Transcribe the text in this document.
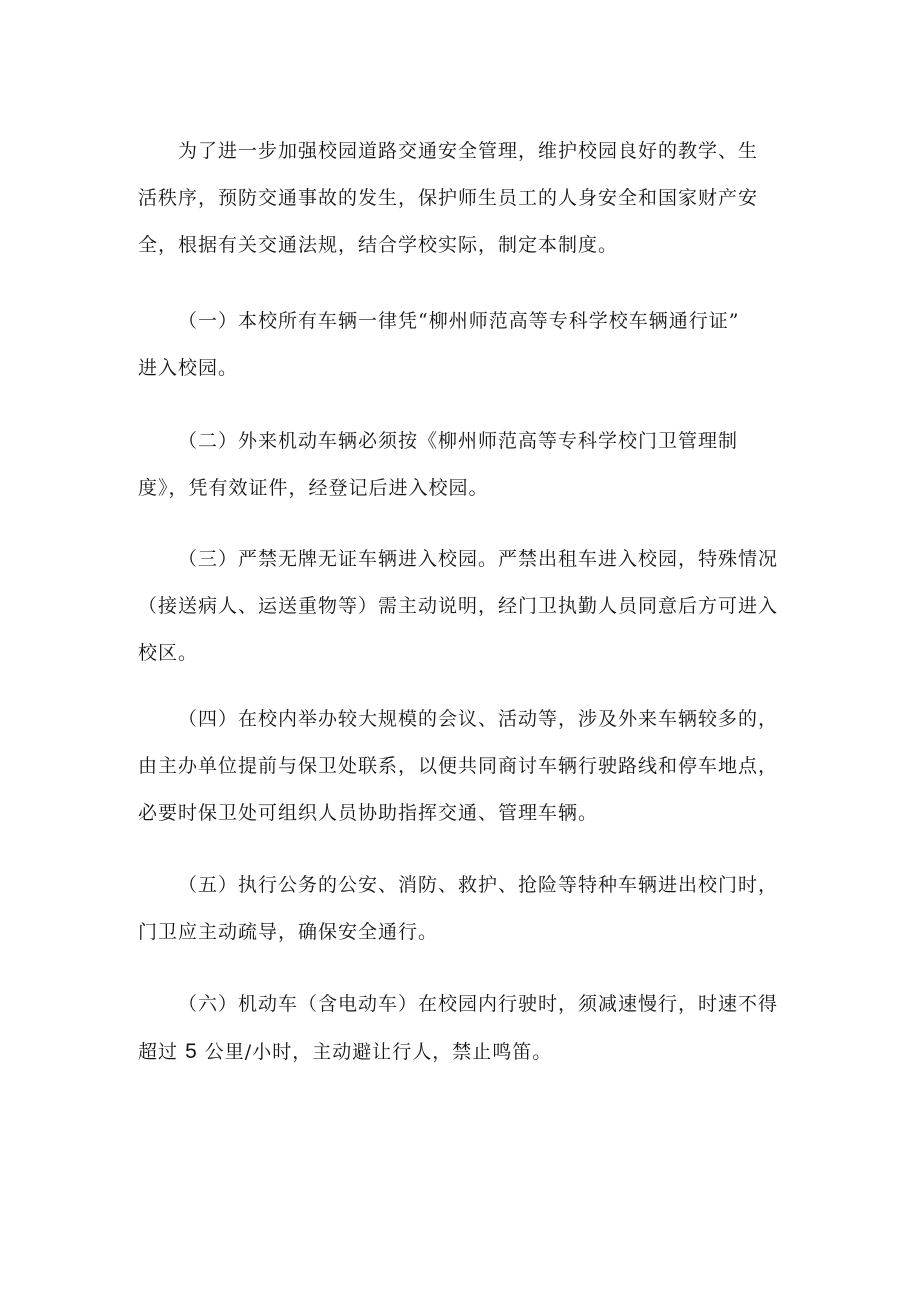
为了进一步加强校园道路交通安全管理，维护校园良好的教学、生
活秩序，预防交通事故的发生，保护师生员工的人身安全和国家财产安
全，根据有关交通法规，结合学校实际，制定本制度。
（一）本校所有车辆一律凭“柳州师范高等专科学校车辆通行证”
进入校园。
（二）外来机动车辆必须按《柳州师范高等专科学校门卫管理制
度》，凭有效证件，经登记后进入校园。
（三）严禁无牌无证车辆进入校园。严禁出租车进入校园，特殊情况
（接送病人、运送重物等）需主动说明，经门卫执勤人员同意后方可进入
校区。
（四）在校内举办较大规模的会议、活动等，涉及外来车辆较多的，
由主办单位提前与保卫处联系，以便共同商讨车辆行驶路线和停车地点，
必要时保卫处可组织人员协助指挥交通、管理车辆。
（五）执行公务的公安、消防、救护、抢险等特种车辆进出校门时，
门卫应主动疏导，确保安全通行。
（六）机动车（含电动车）在校园内行驶时，须减速慢行，时速不得
超过 5 公里/小时，主动避让行人，禁止鸣笛。
